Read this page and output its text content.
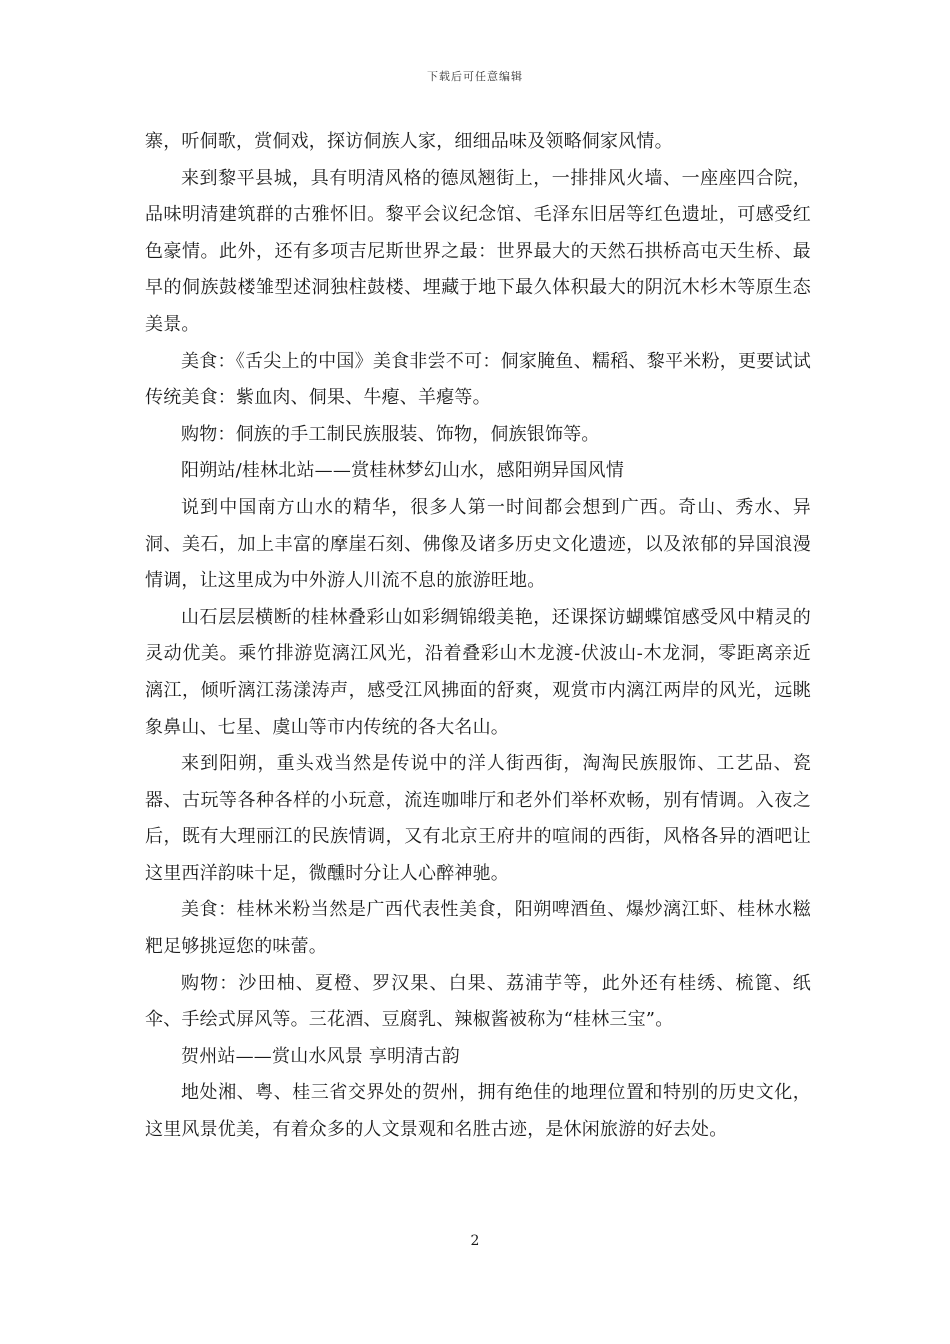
下载后可任意编辑

寨，听侗歌，赏侗戏，探访侗族人家，细细品味及领略侗家风情。

来到黎平县城，具有明清风格的德凤翘街上，一排排风火墙、一座座四合院，品味明清建筑群的古雅怀旧。黎平会议纪念馆、毛泽东旧居等红色遗址，可感受红色豪情。此外，还有多项吉尼斯世界之最：世界最大的天然石拱桥高屯天生桥、最早的侗族鼓楼雏型述洞独柱鼓楼、埋藏于地下最久体积最大的阴沉木杉木等原生态美景。

美食：《舌尖上的中国》美食非尝不可：侗家腌鱼、糯稻、黎平米粉，更要试试传统美食：紫血肉、侗果、牛瘪、羊瘪等。

购物：侗族的手工制民族服装、饰物，侗族银饰等。

阳朔站/桂林北站——赏桂林梦幻山水，感阳朔异国风情

说到中国南方山水的精华，很多人第一时间都会想到广西。奇山、秀水、异洞、美石，加上丰富的摩崖石刻、佛像及诸多历史文化遗迹，以及浓郁的异国浪漫情调，让这里成为中外游人川流不息的旅游旺地。

山石层层横断的桂林叠彩山如彩绸锦缎美艳，还课探访蝴蝶馆感受风中精灵的灵动优美。乘竹排游览漓江风光，沿着叠彩山木龙渡-伏波山-木龙洞，零距离亲近漓江，倾听漓江荡漾涛声，感受江风拂面的舒爽，观赏市内漓江两岸的风光，远眺象鼻山、七星、虞山等市内传统的各大名山。

来到阳朔，重头戏当然是传说中的洋人街西街，淘淘民族服饰、工艺品、瓷器、古玩等各种各样的小玩意，流连咖啡厅和老外们举杯欢畅，别有情调。入夜之后，既有大理丽江的民族情调，又有北京王府井的喧闹的西街，风格各异的酒吧让这里西洋韵味十足，微醺时分让人心醉神驰。

美食：桂林米粉当然是广西代表性美食，阳朔啤酒鱼、爆炒漓江虾、桂林水糍粑足够挑逗您的味蕾。

购物：沙田柚、夏橙、罗汉果、白果、荔浦芋等，此外还有桂绣、梳篦、纸伞、手绘式屏风等。三花酒、豆腐乳、辣椒酱被称为“桂林三宝”。

贺州站——赏山水风景 享明清古韵

地处湘、粤、桂三省交界处的贺州，拥有绝佳的地理位置和特别的历史文化，这里风景优美，有着众多的人文景观和名胜古迹，是休闲旅游的好去处。

2
